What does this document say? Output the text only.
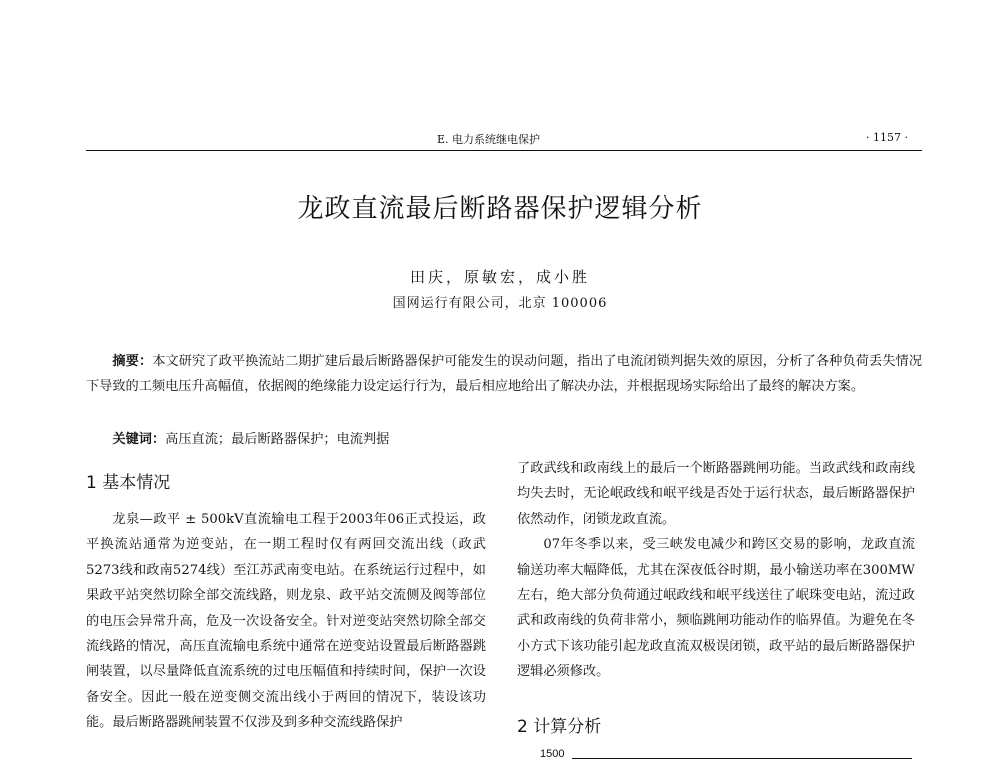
E. 电力系统继电保护	· 1157 ·
龙政直流最后断路器保护逻辑分析
田庆，原敏宏，成小胜
国网运行有限公司，北京 100006
摘要：本文研究了政平换流站二期扩建后最后断路器保护可能发生的误动问题，指出了电流闭锁判据失效的原因，分析了各种负荷丢失情况下导致的工频电压升高幅值，依据阀的绝缘能力设定运行行为，最后相应地给出了解决办法，并根据现场实际给出了最终的解决方案。
关键词：高压直流；最后断路器保护；电流判据
1 基本情况

龙泉—政平 ± 500kV直流输电工程于2003年06正式投运，政平换流站通常为逆变站，在一期工程时仅有两回交流出线（政武5273线和政南5274线）至江苏武南变电站。在系统运行过程中，如果政平站突然切除全部交流线路，则龙泉、政平站交流侧及阀等部位的电压会异常升高，危及一次设备安全。针对逆变站突然切除全部交流线路的情况，高压直流输电系统中通常在逆变站设置最后断路器跳闸装置，以尽量降低直流系统的过电压幅值和持续时间，保护一次设备安全。因此一般在逆变侧交流出线小于两回的情况下，装设该功能。最后断路器跳闸装置不仅涉及到多种交流线路保护

了政武线和政南线上的最后一个断路器跳闸功能。当政武线和政南线均失去时，无论岷政线和岷平线是否处于运行状态，最后断路器保护依然动作，闭锁龙政直流。

07年冬季以来，受三峡发电减少和跨区交易的影响，龙政直流输送功率大幅降低，尤其在深夜低谷时期，最小输送功率在300MW左右，绝大部分负荷通过岷政线和岷平线送往了岷珠变电站，流过政武和政南线的负荷非常小，频临跳闸功能动作的临界值。为避免在冬小方式下该功能引起龙政直流双极误闭锁，政平站的最后断路器保护逻辑必须修改。

2 计算分析
1500
